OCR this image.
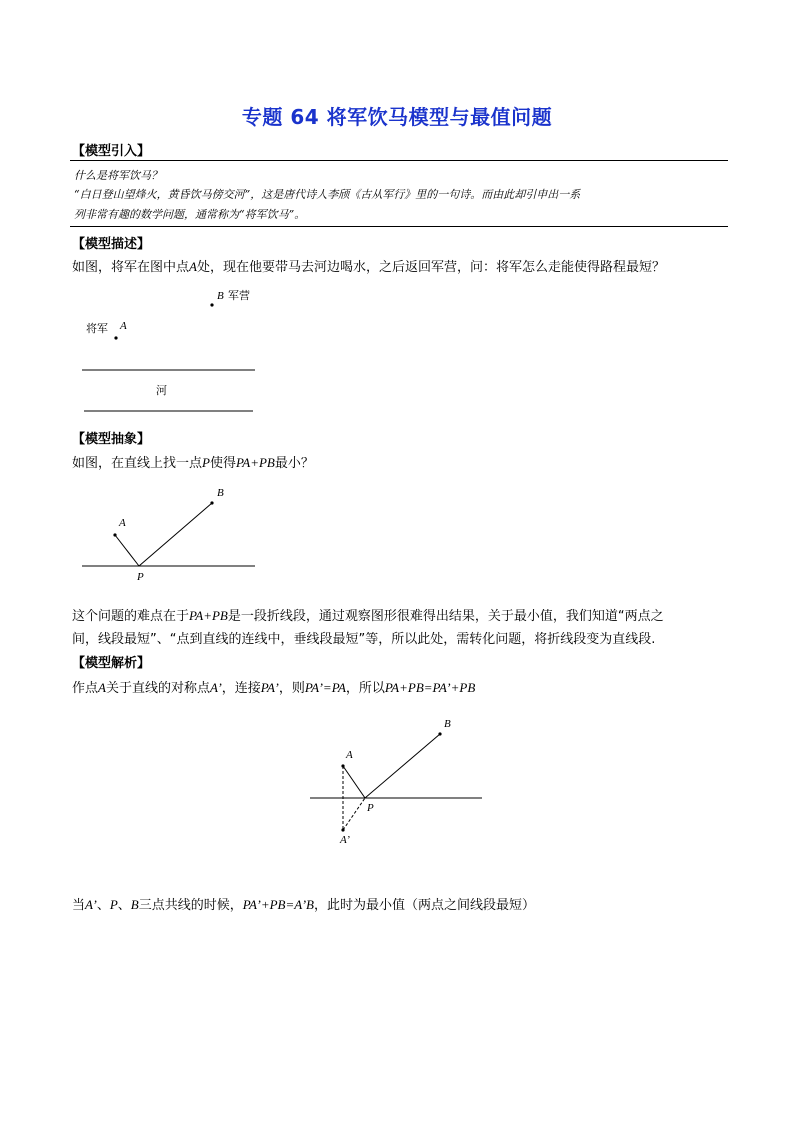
专题 64 将军饮马模型与最值问题
【模型引入】
什么是将军饮马？
“白日登山望烽火，黄昏饮马傍交河”，这是唐代诗人李颀《古从军行》里的一句诗。而由此却引申出一系
列非常有趣的数学问题，通常称为“将军饮马”。
【模型描述】
如图，将军在图中点A处，现在他要带马去河边喝水，之后返回军营，问：将军怎么走能使得路程最短？
【模型抽象】
如图，在直线上找一点P使得PA+PB最小？
这个问题的难点在于PA+PB是一段折线段，通过观察图形很难得出结果，关于最小值，我们知道“两点之
间，线段最短”、“点到直线的连线中，垂线段最短”等，所以此处，需转化问题，将折线段变为直线段.
【模型解析】
作点A关于直线的对称点A’，连接PA’，则PA’=PA，所以PA+PB=PA’+PB
当A’、P、B三点共线的时候，PA’+PB=A’B，此时为最小值（两点之间线段最短）
B 军营
将军 A
河
A
B
P
A
B
P
A’
